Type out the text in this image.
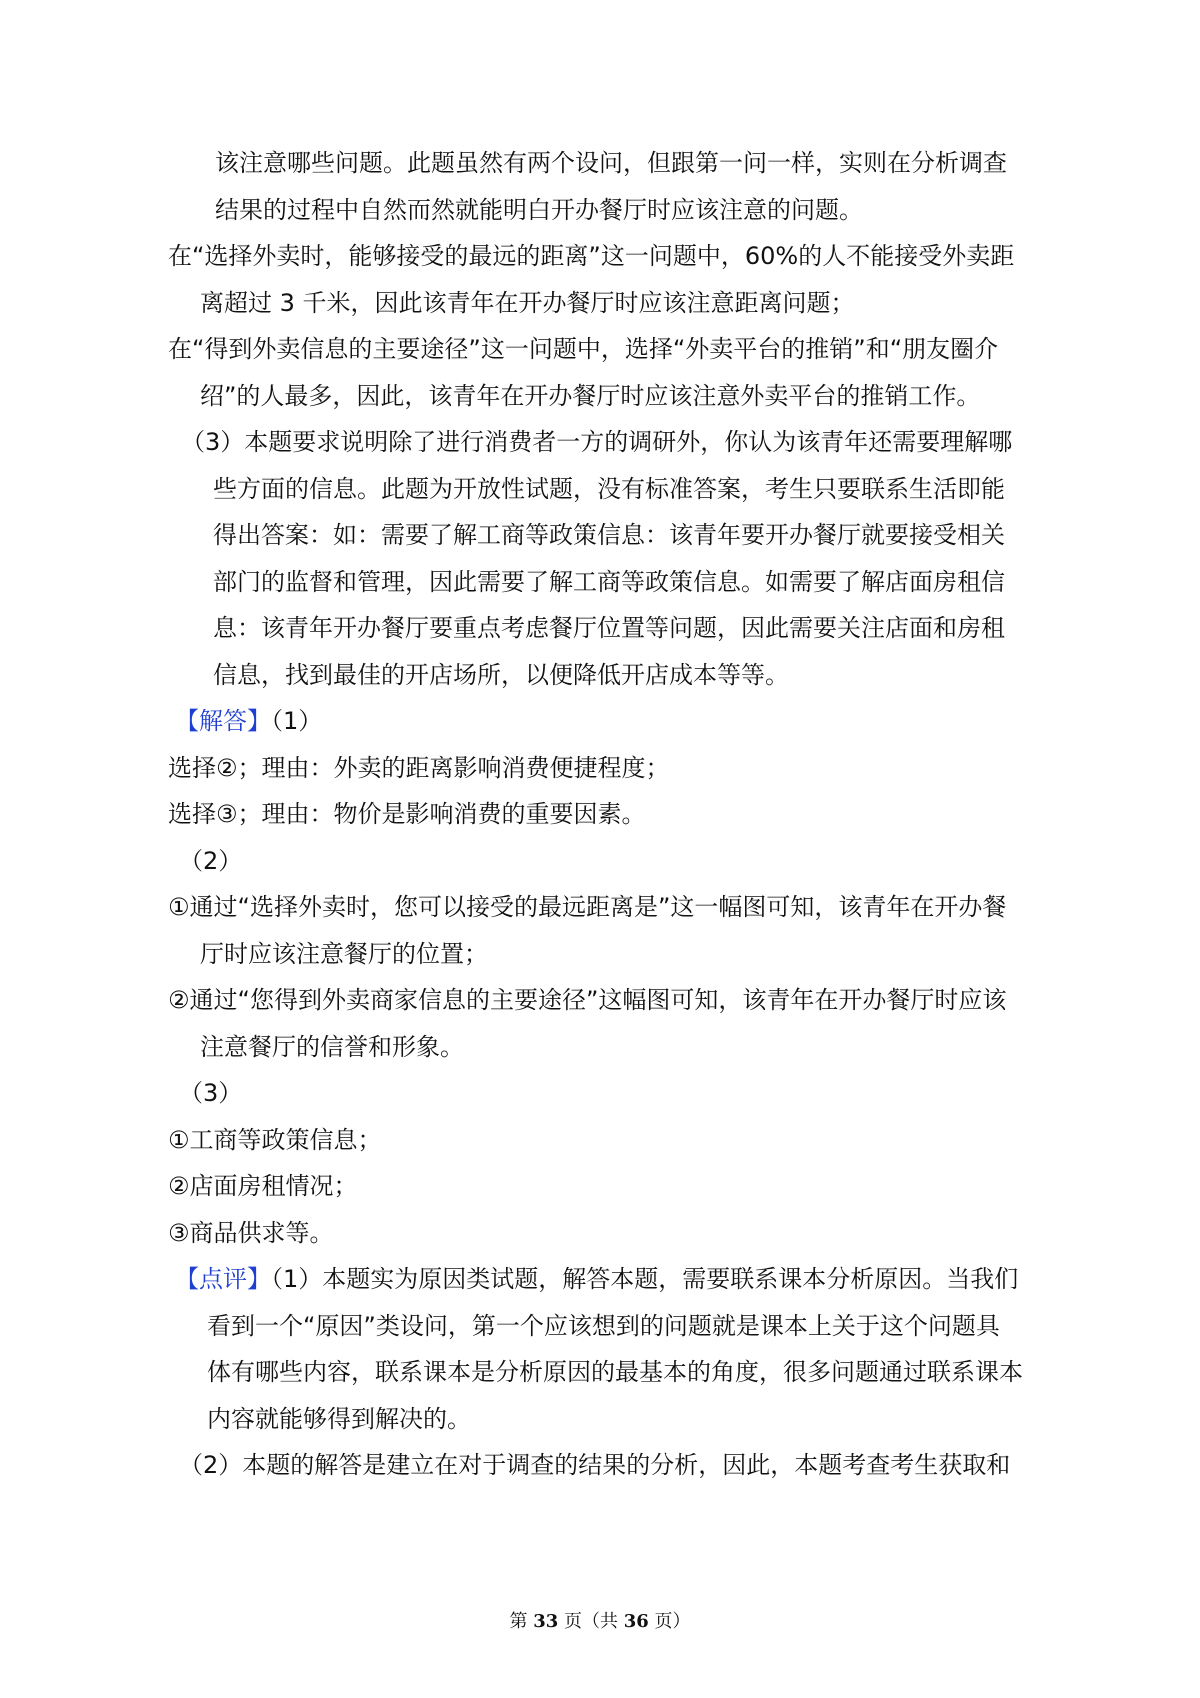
该注意哪些问题。此题虽然有两个设问，但跟第一问一样，实则在分析调查结果的过程中自然而然就能明白开办餐厅时应该注意的问题。

在“选择外卖时，能够接受的最远的距离”这一问题中，60%的人不能接受外卖距离超过 3 千米，因此该青年在开办餐厅时应该注意距离问题；

在“得到外卖信息的主要途径”这一问题中，选择“外卖平台的推销”和“朋友圈介绍”的人最多，因此，该青年在开办餐厅时应该注意外卖平台的推销工作。

（3）本题要求说明除了进行消费者一方的调研外，你认为该青年还需要理解哪些方面的信息。此题为开放性试题，没有标准答案，考生只要联系生活即能得出答案：如：需要了解工商等政策信息：该青年要开办餐厅就要接受相关部门的监督和管理，因此需要了解工商等政策信息。如需要了解店面房租信息：该青年开办餐厅要重点考虑餐厅位置等问题，因此需要关注店面和房租信息，找到最佳的开店场所，以便降低开店成本等等。

【解答】（1）

选择②；理由：外卖的距离影响消费便捷程度；

选择③；理由：物价是影响消费的重要因素。

（2）

①通过“选择外卖时，您可以接受的最远距离是”这一幅图可知，该青年在开办餐厅时应该注意餐厅的位置；

②通过“您得到外卖商家信息的主要途径”这幅图可知，该青年在开办餐厅时应该注意餐厅的信誉和形象。

（3）

①工商等政策信息；

②店面房租情况；

③商品供求等。

【点评】（1）本题实为原因类试题，解答本题，需要联系课本分析原因。当我们看到一个“原因”类设问，第一个应该想到的问题就是课本上关于这个问题具体有哪些内容，联系课本是分析原因的最基本的角度，很多问题通过联系课本内容就能够得到解决的。

（2）本题的解答是建立在对于调查的结果的分析，因此，本题考查考生获取和

第 33 页（共 36 页）
